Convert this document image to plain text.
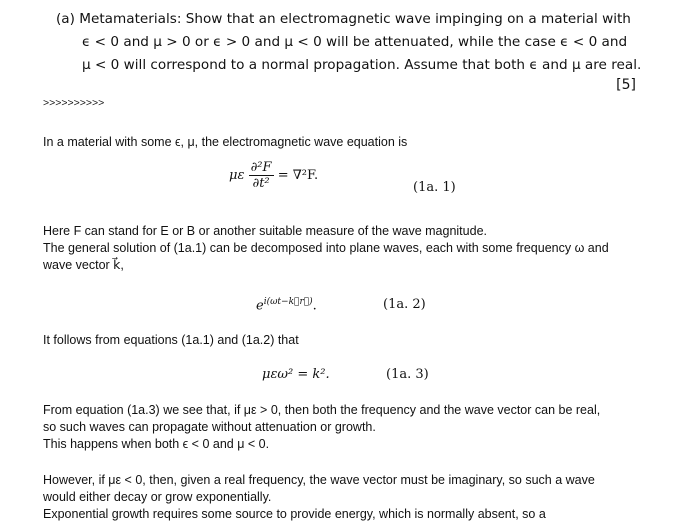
(a) Metamaterials: Show that an electromagnetic wave impinging on a material with
ϵ < 0 and μ > 0 or ϵ > 0 and μ < 0 will be attenuated, while the case ϵ < 0 and
μ < 0 will correspond to a normal propagation. Assume that both ϵ and μ are real.
[5]
>>>>>>>>>>
In a material with some ϵ, μ, the electromagnetic wave equation is
με $\frac{\text{∂²F}}{\text{∂t²}} = \nabla^2F$.
(1a. 1)
Here F can stand for E or B or another suitable measure of the wave magnitude.
The general solution of (1a.1) can be decomposed into plane waves, each with some frequency ω and
wave vector k⃗,
$e^{i(\omega t-k⃗r⃗)}$.	(1a. 2)
It follows from equations (1a.1) and (1a.2) that
μεω² = k².	(1a. 3)
From equation (1a.3) we see that, if με > 0, then both the frequency and the wave vector can be real,
so such waves can propagate without attenuation or growth.
This happens when both ϵ < 0 and μ < 0.
However, if με < 0, then, given a real frequency, the wave vector must be imaginary, so such a wave
would either decay or grow exponentially.
Exponential growth requires some source to provide energy, which is normally absent, so a
